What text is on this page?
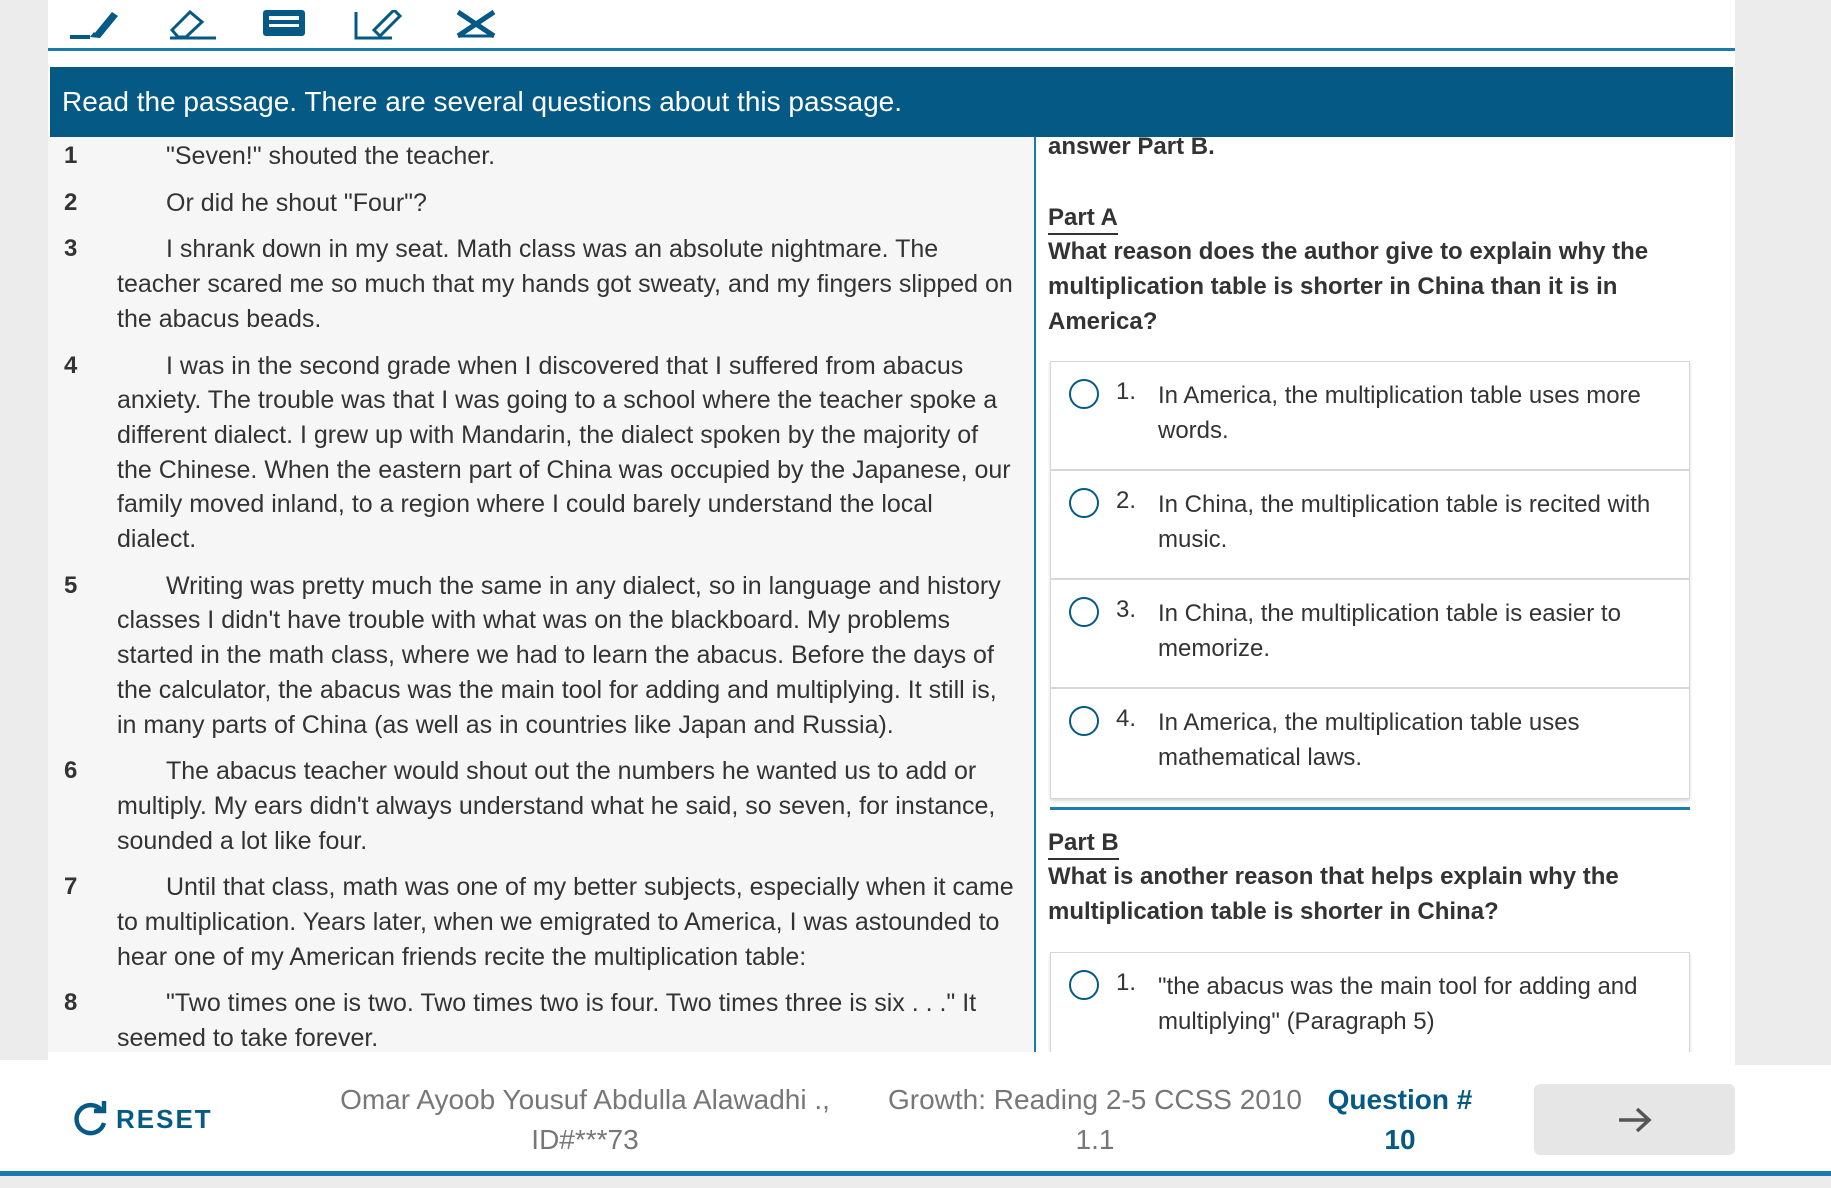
Read the passage. There are several questions about this passage.
1	"Seven!" shouted the teacher.
2	Or did he shout "Four"?
3	I shrank down in my seat. Math class was an absolute nightmare. The
teacher scared me so much that my hands got sweaty, and my fingers slipped on
the abacus beads.
4	I was in the second grade when I discovered that I suffered from abacus
anxiety. The trouble was that I was going to a school where the teacher spoke a
different dialect. I grew up with Mandarin, the dialect spoken by the majority of
the Chinese. When the eastern part of China was occupied by the Japanese, our
family moved inland, to a region where I could barely understand the local
dialect.
5	Writing was pretty much the same in any dialect, so in language and history
classes I didn't have trouble with what was on the blackboard. My problems
started in the math class, where we had to learn the abacus. Before the days of
the calculator, the abacus was the main tool for adding and multiplying. It still is,
in many parts of China (as well as in countries like Japan and Russia).
6	The abacus teacher would shout out the numbers he wanted us to add or
multiply. My ears didn't always understand what he said, so seven, for instance,
sounded a lot like four.
7	Until that class, math was one of my better subjects, especially when it came
to multiplication. Years later, when we emigrated to America, I was astounded to
hear one of my American friends recite the multiplication table:
8	"Two times one is two. Two times two is four. Two times three is six . . ." It
seemed to take forever.
answer Part B.
Part A
What reason does the author give to explain why the multiplication table is shorter in China than it is in America?
1. In America, the multiplication table uses more words.
2. In China, the multiplication table is recited with music.
3. In China, the multiplication table is easier to memorize.
4. In America, the multiplication table uses mathematical laws.
Part B
What is another reason that helps explain why the multiplication table is shorter in China?
1. "the abacus was the main tool for adding and multiplying" (Paragraph 5)
RESET
Omar Ayoob Yousuf Abdulla Alawadhi .,
ID#***73
Growth: Reading 2-5 CCSS 2010
1.1
Question #
10
